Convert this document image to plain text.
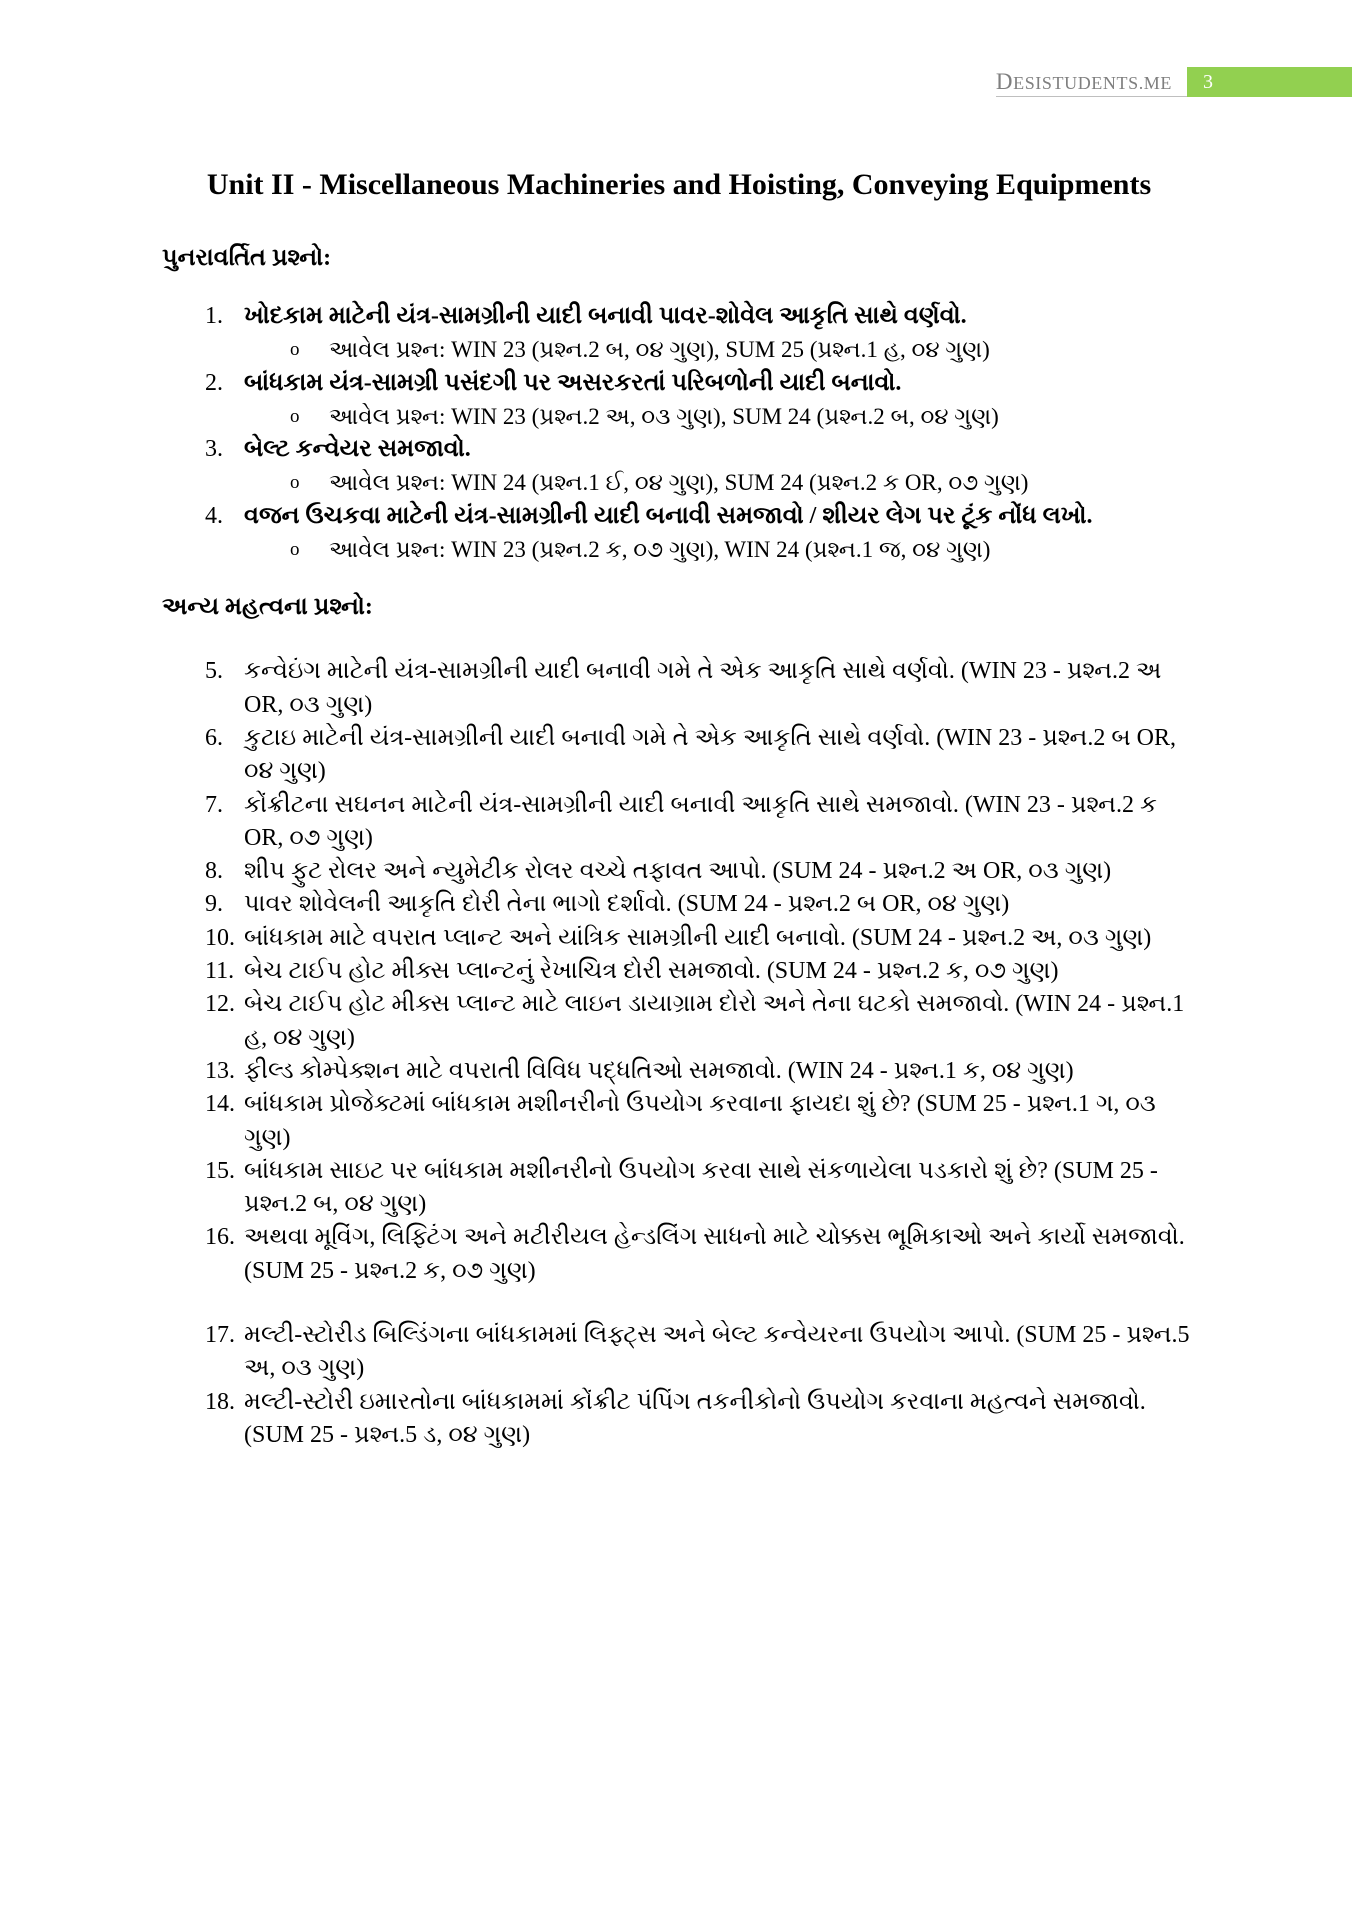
DESISTUDENTS.ME 3
Unit II - Miscellaneous Machineries and Hoisting, Conveying Equipments
પુનરાવર્તિત પ્રશ્નો:
1. ખોદકામ માટેની યંત્ર-સામગ્રીની યાદી બનાવી પાવર-શોવેલ આકૃતિ સાથે વર્ણવો.
o	આવેલ પ્રશ્ન: WIN 23 (પ્રશ્ન.2 બ, ૦૪ ગુણ), SUM 25 (પ્રશ્ન.1 હ, ૦૪ ગુણ)
2. બાંધકામ યંત્ર-સામગ્રી પસંદગી પર અસરકરતાં પરિબળોની યાદી બનાવો.
o	આવેલ પ્રશ્ન: WIN 23 (પ્રશ્ન.2 અ, ૦૩ ગુણ), SUM 24 (પ્રશ્ન.2 બ, ૦૪ ગુણ)
3. બેલ્ટ કન્વેયર સમજાવો.
o	આવેલ પ્રશ્ન: WIN 24 (પ્રશ્ન.1 ઈ, ૦૪ ગુણ), SUM 24 (પ્રશ્ન.2 ક OR, ૦૭ ગુણ)
4. વજન ઉચકવા માટેની યંત્ર-સામગ્રીની યાદી બનાવી સમજાવો / શીયર લેગ પર ટૂંક નોંધ લખો.
o	આવેલ પ્રશ્ન: WIN 23 (પ્રશ્ન.2 ક, ૦૭ ગુણ), WIN 24 (પ્રશ્ન.1 જ, ૦૪ ગુણ)
અન્ય મહત્વના પ્રશ્નો:
5. કન્વેઇંગ માટેની યંત્ર-સામગ્રીની યાદી બનાવી ગમે તે એક આકૃતિ સાથે વર્ણવો. (WIN 23 - પ્રશ્ન.2 અ OR, ૦૩ ગુણ)
6. કુટાઇ માટેની યંત્ર-સામગ્રીની યાદી બનાવી ગમે તે એક આકૃતિ સાથે વર્ણવો. (WIN 23 - પ્રશ્ન.2 બ OR, ૦૪ ગુણ)
7. કોંક્રીટના સઘનન માટેની યંત્ર-સામગ્રીની યાદી બનાવી આકૃતિ સાથે સમજાવો. (WIN 23 - પ્રશ્ન.2 ક OR, ૦૭ ગુણ)
8. શીપ ફુટ રોલર અને ન્યુમેટીક રોલર વચ્ચે તફાવત આપો. (SUM 24 - પ્રશ્ન.2 અ OR, ૦૩ ગુણ)
9. પાવર શોવેલની આકૃતિ દોરી તેના ભાગો દર્શાવો. (SUM 24 - પ્રશ્ન.2 બ OR, ૦૪ ગુણ)
10. બાંધકામ માટે વપરાત પ્લાન્ટ અને યાંત્રિક સામગ્રીની યાદી બનાવો. (SUM 24 - પ્રશ્ન.2 અ, ૦૩ ગુણ)
11. બેચ ટાઈપ હોટ મીક્સ પ્લાન્ટનું રેખાચિત્ર દોરી સમજાવો. (SUM 24 - પ્રશ્ન.2 ક, ૦૭ ગુણ)
12. બેચ ટાઈપ હોટ મીક્સ પ્લાન્ટ માટે લાઇન ડાયાગ્રામ દોરો અને તેના ઘટકો સમજાવો. (WIN 24 - પ્રશ્ન.1 હ, ૦૪ ગુણ)
13. ફીલ્ડ કોમ્પેક્શન માટે વપરાતી વિવિધ પદ્ધતિઓ સમજાવો. (WIN 24 - પ્રશ્ન.1 ક, ૦૪ ગુણ)
14. બાંધકામ પ્રોજેક્ટમાં બાંધકામ મશીનરીનો ઉપયોગ કરવાના ફાયદા શું છે? (SUM 25 - પ્રશ્ન.1 ગ, ૦૩ ગુણ)
15. બાંધકામ સાઇટ પર બાંધકામ મશીનરીનો ઉપયોગ કરવા સાથે સંકળાયેલા પડકારો શું છે? (SUM 25 - પ્રશ્ન.2 બ, ૦૪ ગુણ)
16. અથવા મૂવિંગ, લિફ્ટિંગ અને મટીરીયલ હેન્ડલિંગ સાધનો માટે ચોક્કસ ભૂમિકાઓ અને કાર્યો સમજાવો. (SUM 25 - પ્રશ્ન.2 ક, ૦૭ ગુણ)
17. મલ્ટી-સ્ટોરીડ બિલ્ડિંગના બાંધકામમાં લિફ્ટ્સ અને બેલ્ટ કન્વેયરના ઉપયોગ આપો. (SUM 25 - પ્રશ્ન.5 અ, ૦૩ ગુણ)
18. મલ્ટી-સ્ટોરી ઇમારતોના બાંધકામમાં કોંક્રીટ પંપિંગ તકનીકોનો ઉપયોગ કરવાના મહત્વને સમજાવો. (SUM 25 - પ્રશ્ન.5 ડ, ૦૪ ગુણ)
